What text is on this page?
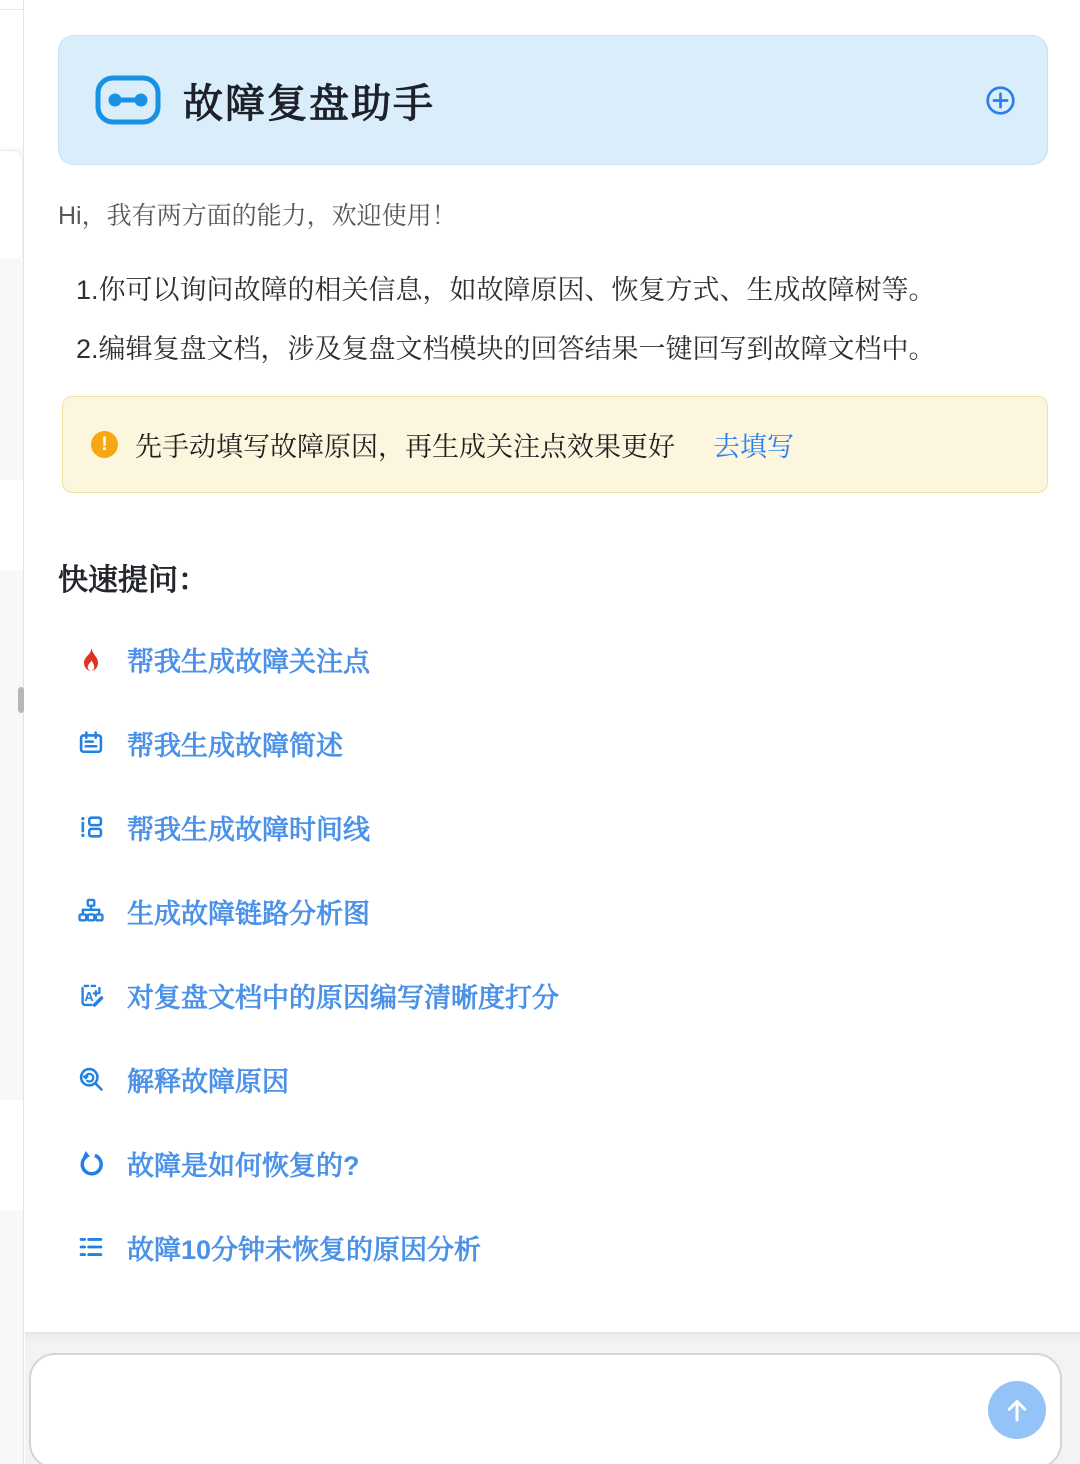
故障复盘助手

Hi，我有两方面的能力，欢迎使用！

1.你可以询问故障的相关信息，如故障原因、恢复方式、生成故障树等。

2.编辑复盘文档，涉及复盘文档模块的回答结果一键回写到故障文档中。

!	先手动填写故障原因，再生成关注点效果更好 去填写
快速提问：
帮我生成故障关注点
帮我生成故障简述
帮我生成故障时间线
生成故障链路分析图
A 对复盘文档中的原因编写清晰度打分
解释故障原因
故障是如何恢复的?
故障10分钟未恢复的原因分析
